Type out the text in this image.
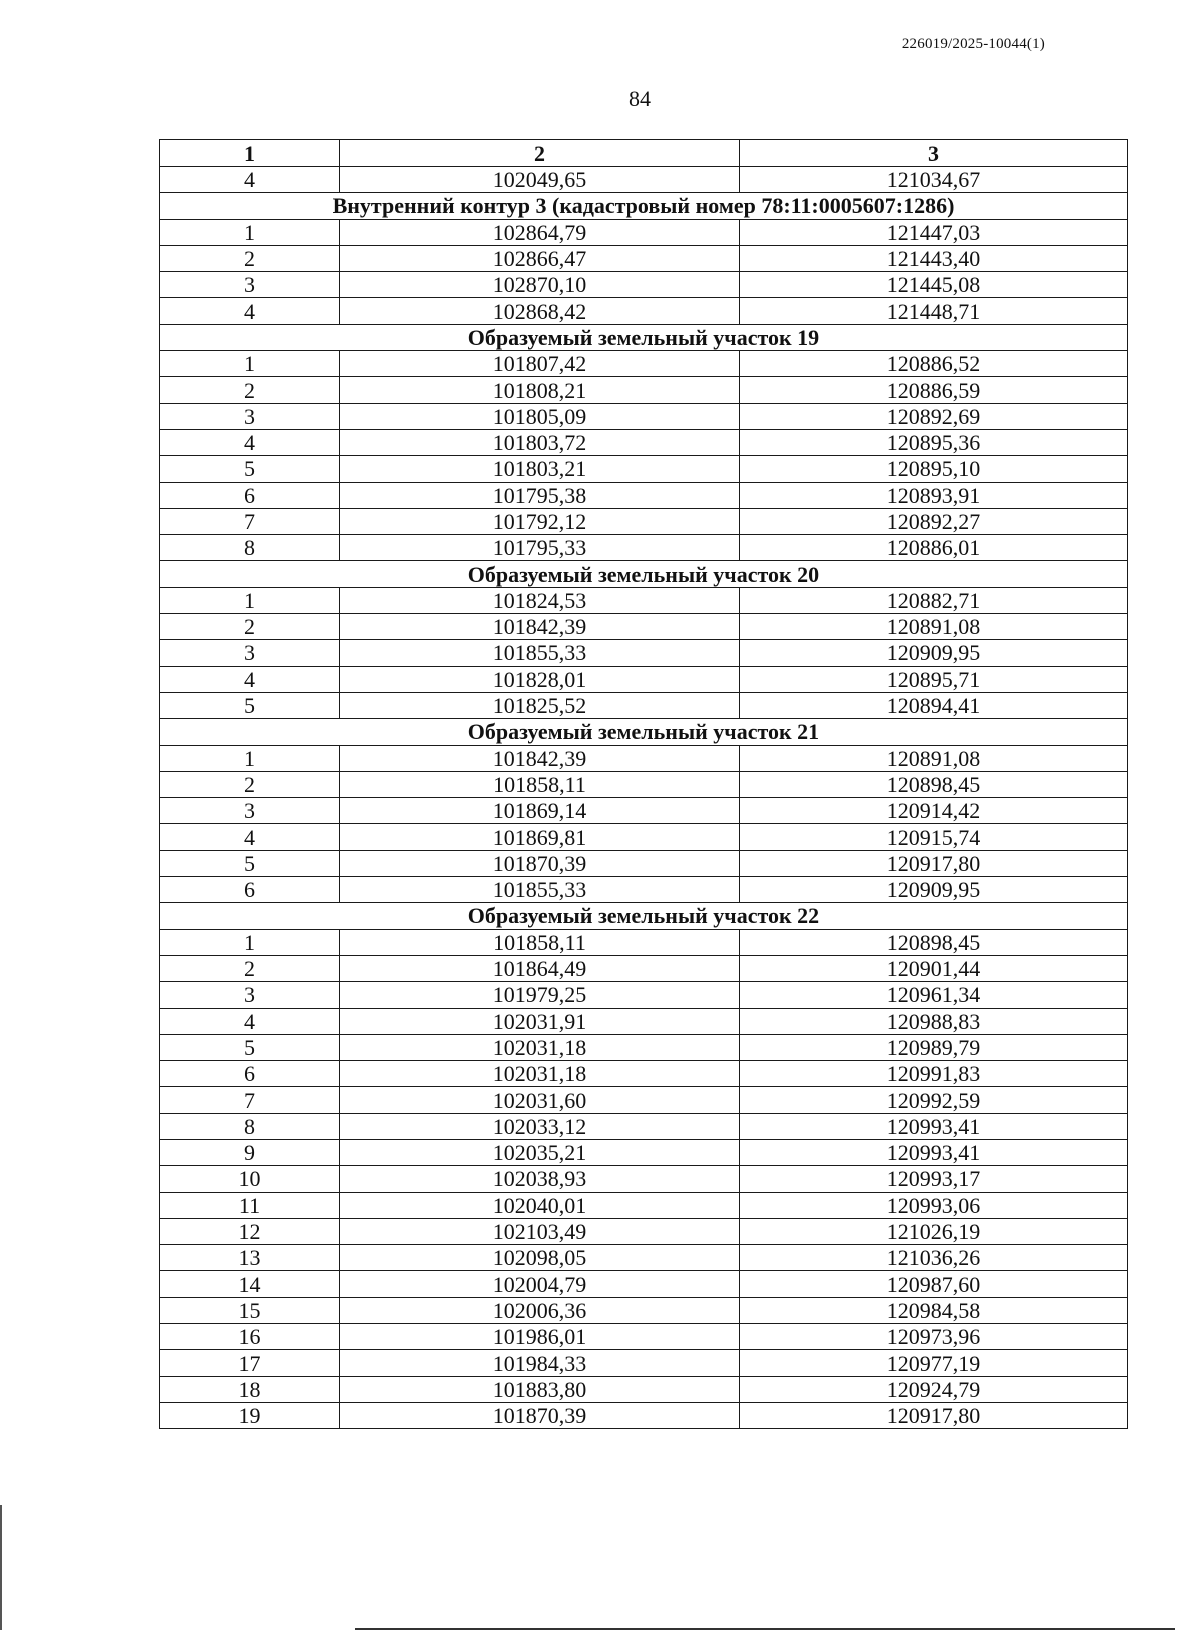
226019/2025-10044(1)
84
1	2	3
4	102049,65	121034,67
Внутренний контур 3 (кадастровый номер 78:11:0005607:1286)		
1	102864,79	121447,03
2	102866,47	121443,40
3	102870,10	121445,08
4	102868,42	121448,71
Образуемый земельный участок 19		
1	101807,42	120886,52
2	101808,21	120886,59
3	101805,09	120892,69
4	101803,72	120895,36
5	101803,21	120895,10
6	101795,38	120893,91
7	101792,12	120892,27
8	101795,33	120886,01
Образуемый земельный участок 20		
1	101824,53	120882,71
2	101842,39	120891,08
3	101855,33	120909,95
4	101828,01	120895,71
5	101825,52	120894,41
Образуемый земельный участок 21		
1	101842,39	120891,08
2	101858,11	120898,45
3	101869,14	120914,42
4	101869,81	120915,74
5	101870,39	120917,80
6	101855,33	120909,95
Образуемый земельный участок 22		
1	101858,11	120898,45
2	101864,49	120901,44
3	101979,25	120961,34
4	102031,91	120988,83
5	102031,18	120989,79
6	102031,18	120991,83
7	102031,60	120992,59
8	102033,12	120993,41
9	102035,21	120993,41
10	102038,93	120993,17
11	102040,01	120993,06
12	102103,49	121026,19
13	102098,05	121036,26
14	102004,79	120987,60
15	102006,36	120984,58
16	101986,01	120973,96
17	101984,33	120977,19
18	101883,80	120924,79
19	101870,39	120917,80
